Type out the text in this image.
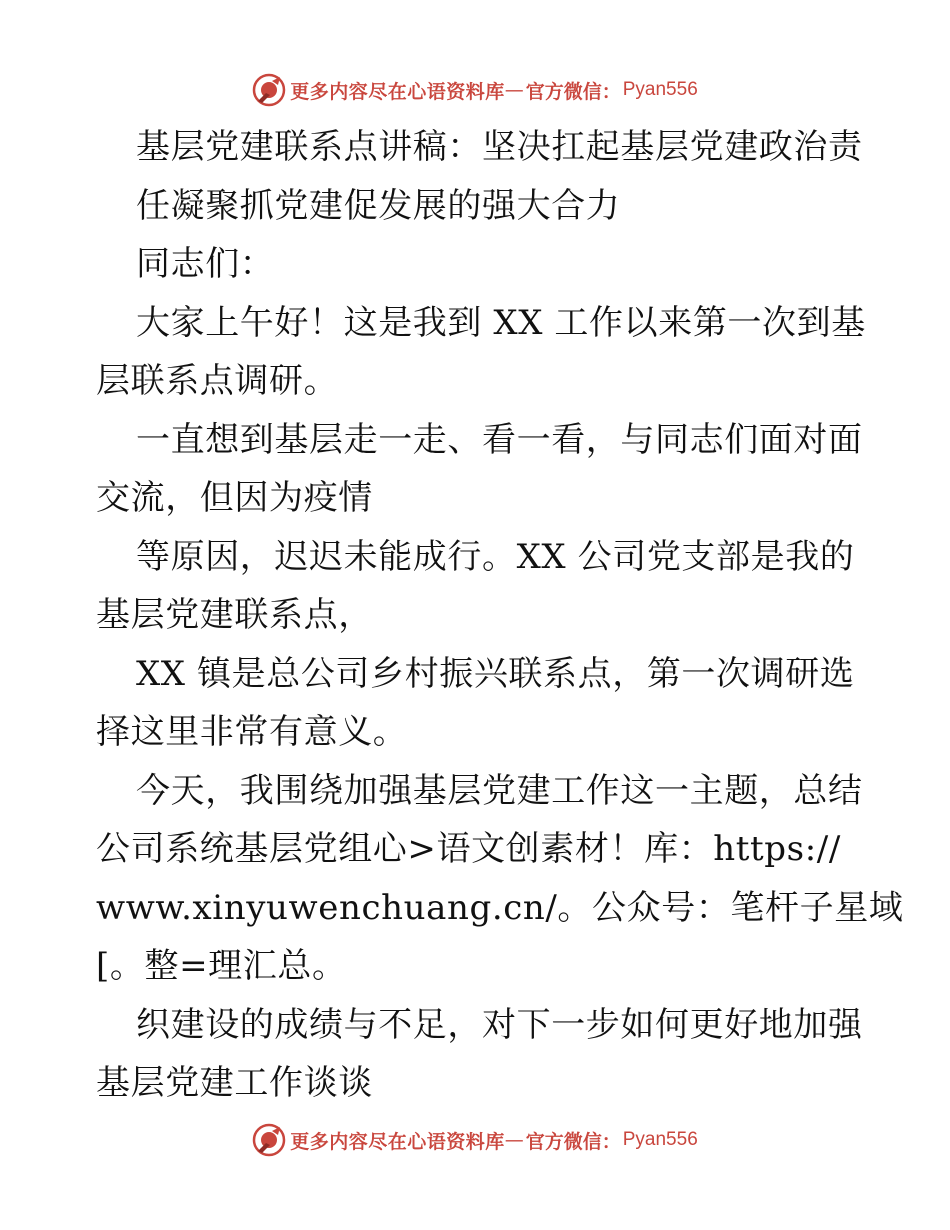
更多内容尽在心语资料库 — 官方微信： Pyan556
基层党建联系点讲稿：坚决扛起基层党建政治责
任凝聚抓党建促发展的强大合力
同志们：
大家上午好！这是我到 XX 工作以来第一次到基
层联系点调研。
一直想到基层走一走、看一看，与同志们面对面
交流，但因为疫情
等原因，迟迟未能成行。XX 公司党支部是我的
基层党建联系点，
XX 镇是总公司乡村振兴联系点，第一次调研选
择这里非常有意义。
今天，我围绕加强基层党建工作这一主题，总结
公司系统基层党组心>语文创素材！库：https://
www.xinyuwenchuang.cn/。公众号：笔杆子星域
[。整=理汇总。
织建设的成绩与不足，对下一步如何更好地加强
基层党建工作谈谈
更多内容尽在心语资料库 — 官方微信： Pyan556
